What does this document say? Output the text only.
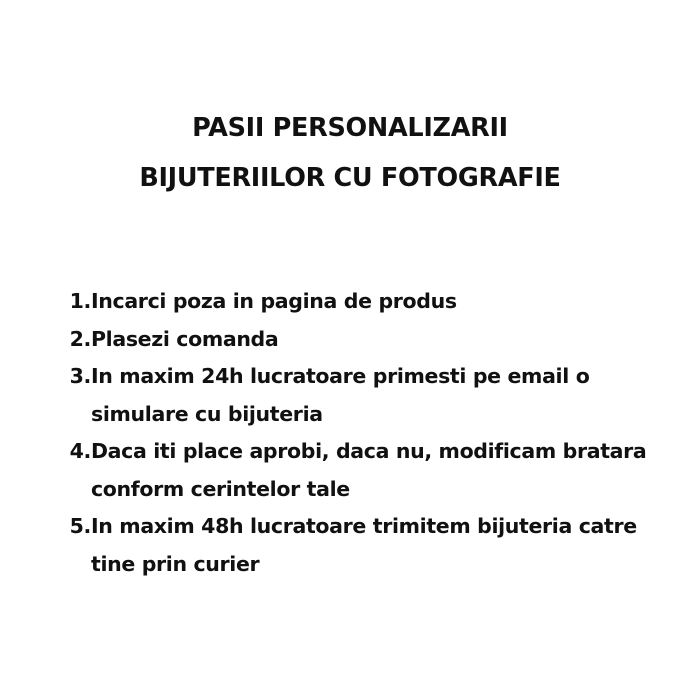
PASII PERSONALIZARII
BIJUTERIILOR CU FOTOGRAFIE
1. Incarci poza in pagina de produs
2. Plasezi comanda
3. In maxim 24h lucratoare primesti pe email o simulare cu bijuteria
4. Daca iti place aprobi, daca nu, modificam bratara conform cerintelor tale
5. In maxim 48h lucratoare trimitem bijuteria catre tine prin curier
